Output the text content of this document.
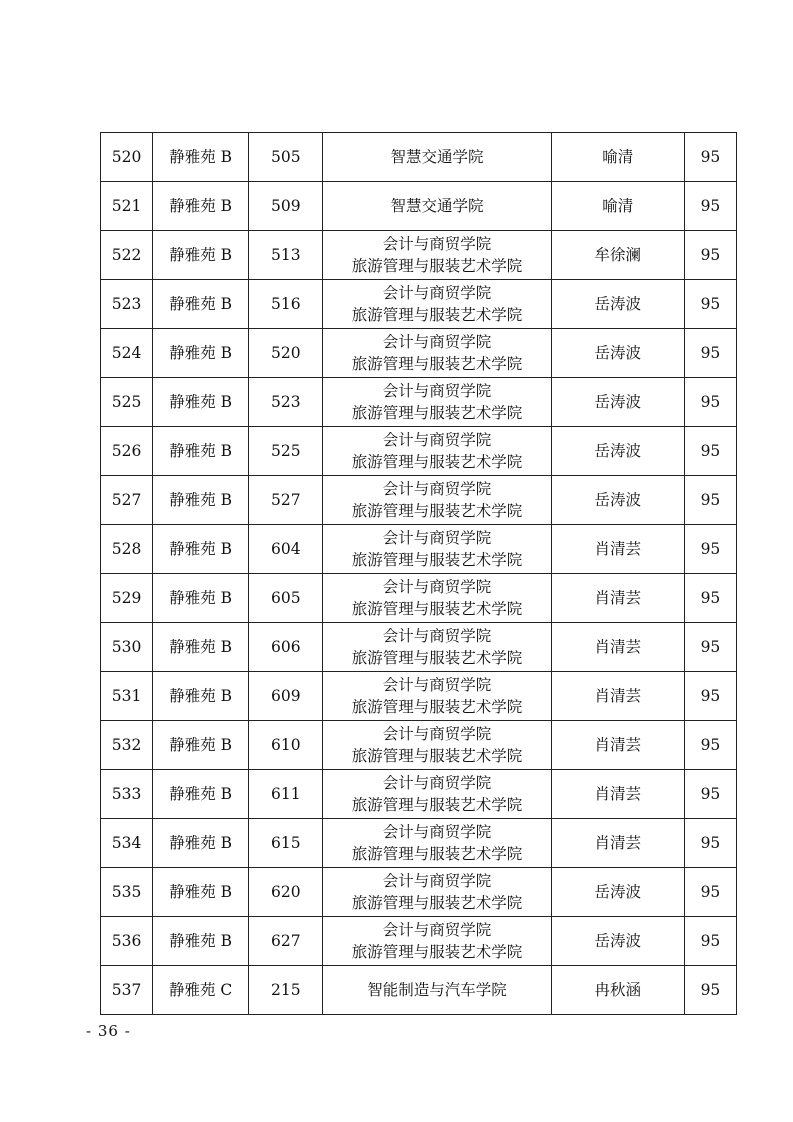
520	静雅苑 B	505	智慧交通学院	喻清	95
521	静雅苑 B	509	智慧交通学院	喻清	95
522	静雅苑 B	513	会计与商贸学院
旅游管理与服装艺术学院	牟徐澜	95
523	静雅苑 B	516	会计与商贸学院
旅游管理与服装艺术学院	岳涛波	95
524	静雅苑 B	520	会计与商贸学院
旅游管理与服装艺术学院	岳涛波	95
525	静雅苑 B	523	会计与商贸学院
旅游管理与服装艺术学院	岳涛波	95
526	静雅苑 B	525	会计与商贸学院
旅游管理与服装艺术学院	岳涛波	95
527	静雅苑 B	527	会计与商贸学院
旅游管理与服装艺术学院	岳涛波	95
528	静雅苑 B	604	会计与商贸学院
旅游管理与服装艺术学院	肖清芸	95
529	静雅苑 B	605	会计与商贸学院
旅游管理与服装艺术学院	肖清芸	95
530	静雅苑 B	606	会计与商贸学院
旅游管理与服装艺术学院	肖清芸	95
531	静雅苑 B	609	会计与商贸学院
旅游管理与服装艺术学院	肖清芸	95
532	静雅苑 B	610	会计与商贸学院
旅游管理与服装艺术学院	肖清芸	95
533	静雅苑 B	611	会计与商贸学院
旅游管理与服装艺术学院	肖清芸	95
534	静雅苑 B	615	会计与商贸学院
旅游管理与服装艺术学院	肖清芸	95
535	静雅苑 B	620	会计与商贸学院
旅游管理与服装艺术学院	岳涛波	95
536	静雅苑 B	627	会计与商贸学院
旅游管理与服装艺术学院	岳涛波	95
537	静雅苑 C	215	智能制造与汽车学院	冉秋涵	95
- 36 -
